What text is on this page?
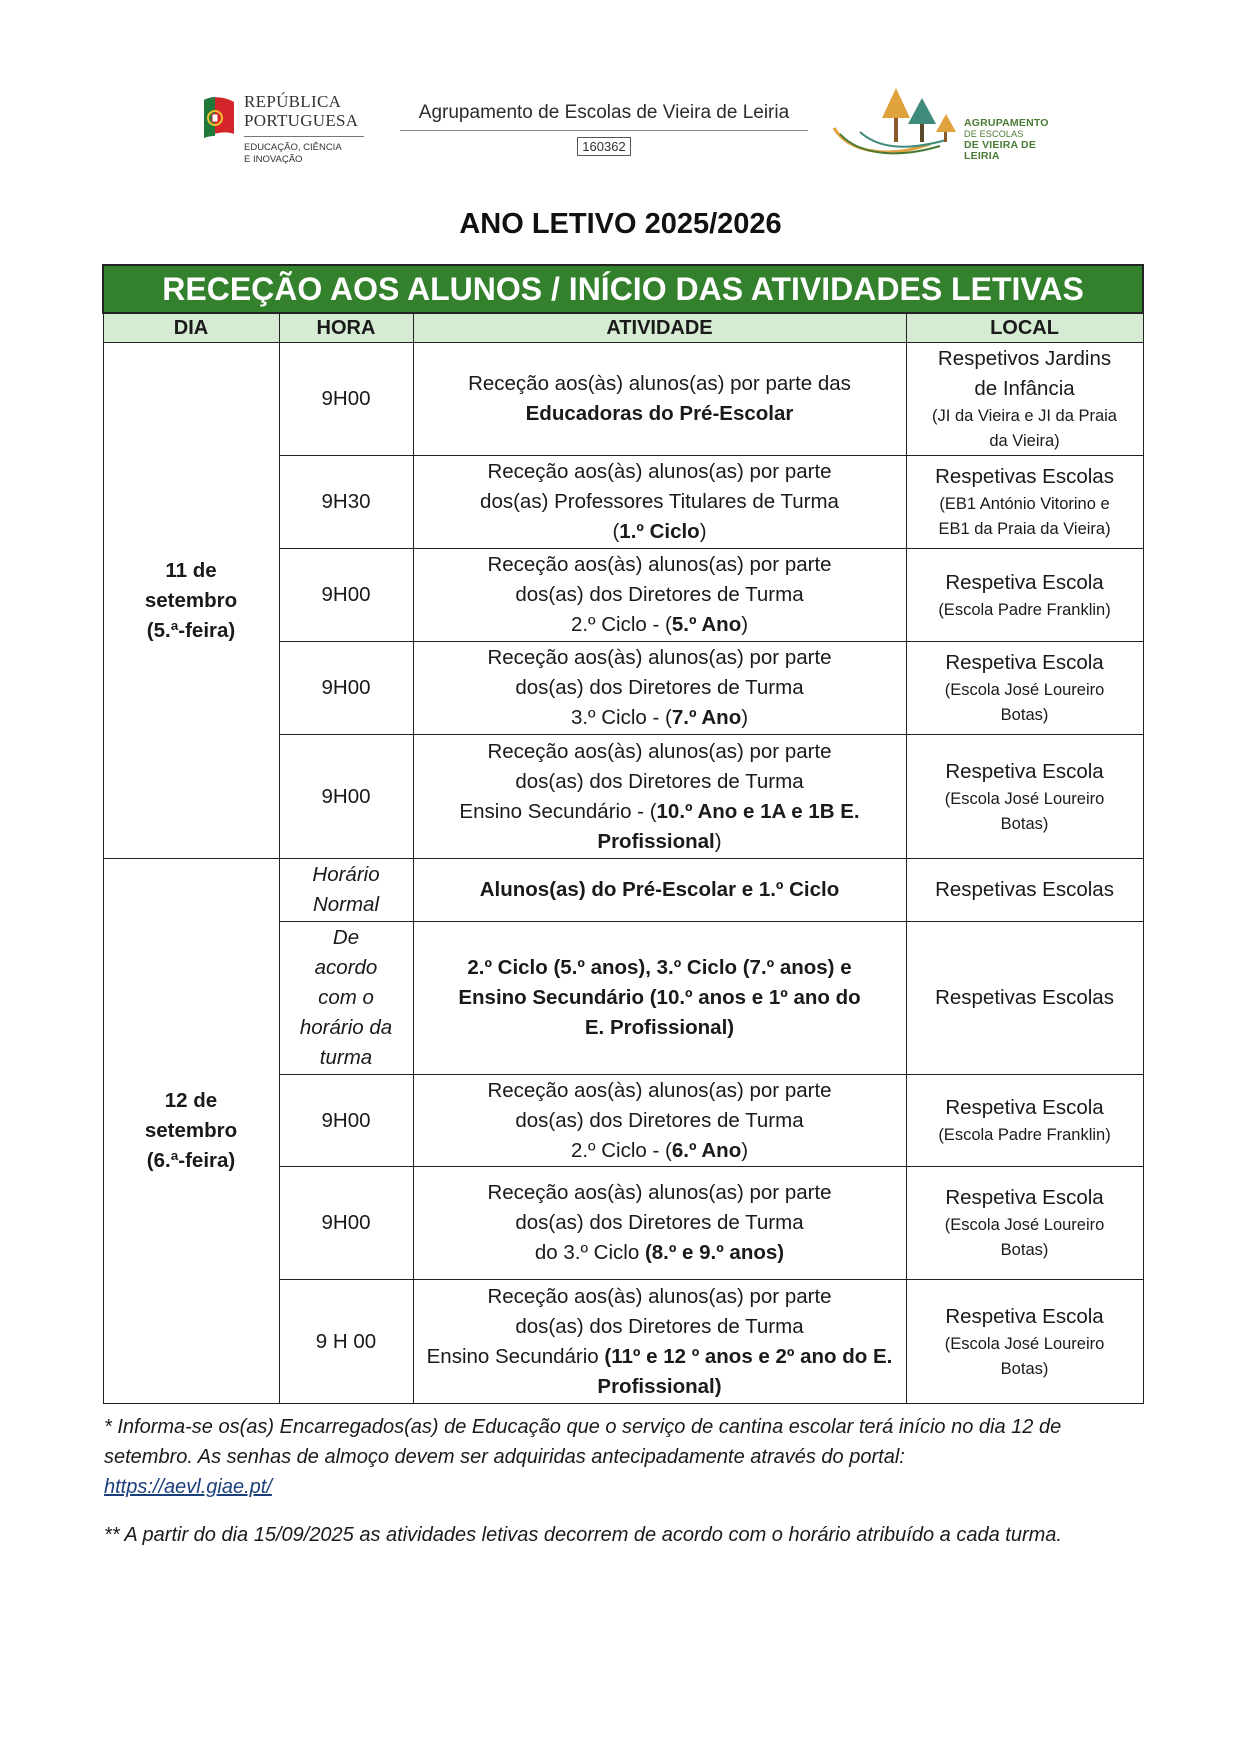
REPÚBLICA
PORTUGUESA
EDUCAÇÃO, CIÊNCIA
E INOVAÇÃO
Agrupamento de Escolas de Vieira de Leiria
160362
AGRUPAMENTO
DE ESCOLAS
DE VIEIRA DE LEIRIA
ANO LETIVO 2025/2026
RECEÇÃO AOS ALUNOS / INÍCIO DAS ATIVIDADES LETIVAS			
DIA	HORA	ATIVIDADE	LOCAL
11 de
setembro
(5.ª-feira)	9H00	Receção aos(às) alunos(as) por parte das
Educadoras do Pré-Escolar	Respetivos Jardins
de Infância
(JI da Vieira e JI da Praia
da Vieira)

	9H30	Receção aos(às) alunos(as) por parte
dos(as) Professores Titulares de Turma
(1.º Ciclo)	Respetivas Escolas
(EB1 António Vitorino e
EB1 da Praia da Vieira)

	9H00	Receção aos(às) alunos(as) por parte
dos(as) dos Diretores de Turma
2.º Ciclo - (5.º Ano)	Respetiva Escola
(Escola Padre Franklin)

	9H00	Receção aos(às) alunos(as) por parte
dos(as) dos Diretores de Turma
3.º Ciclo - (7.º Ano)	Respetiva Escola
(Escola José Loureiro
Botas)

	9H00	Receção aos(às) alunos(as) por parte
dos(as) dos Diretores de Turma
Ensino Secundário - (10.º Ano e 1A e 1B E. Profissional)	Respetiva Escola
(Escola José Loureiro
Botas)

12 de
setembro
(6.ª-feira)	Horário
Normal	Alunos(as) do Pré-Escolar e 1.º Ciclo	Respetivas Escolas

	De
acordo
com o
horário da
turma	2.º Ciclo (5.º anos), 3.º Ciclo (7.º anos) e
Ensino Secundário (10.º anos e 1º ano do
E. Profissional)	Respetivas Escolas

	9H00	Receção aos(às) alunos(as) por parte
dos(as) dos Diretores de Turma
2.º Ciclo - (6.º Ano)	Respetiva Escola
(Escola Padre Franklin)

	9H00	Receção aos(às) alunos(as) por parte
dos(as) dos Diretores de Turma
do 3.º Ciclo (8.º e 9.º anos)	Respetiva Escola
(Escola José Loureiro
Botas)

	9 H 00	Receção aos(às) alunos(as) por parte
dos(as) dos Diretores de Turma
Ensino Secundário (11º e 12 º anos e 2º ano do E. Profissional)	Respetiva Escola
(Escola José Loureiro
Botas)
* Informa-se os(as) Encarregados(as) de Educação que o serviço de cantina escolar terá início no dia 12 de setembro. As senhas de almoço devem ser adquiridas antecipadamente através do portal:
https://aevl.giae.pt/
** A partir do dia 15/09/2025 as atividades letivas decorrem de acordo com o horário atribuído a cada turma.
